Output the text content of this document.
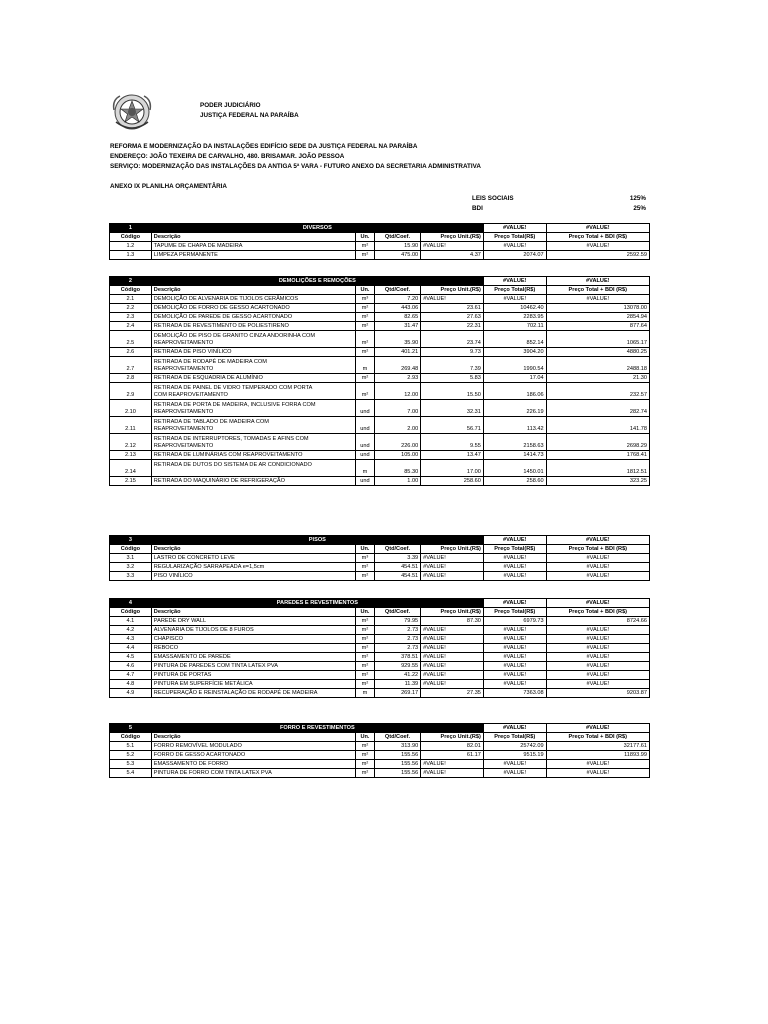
PODER JUDICIÁRIO
JUSTIÇA FEDERAL NA PARAÍBA
REFORMA E MODERNIZAÇÃO DA INSTALAÇÕES EDIFÍCIO SEDE DA JUSTIÇA FEDERAL NA PARAÍBA
ENDEREÇO: JOÃO TEXEIRA DE CARVALHO, 480. BRISAMAR. JOÃO PESSOA
SERVIÇO: MODERNIZAÇÃO DAS INSTALAÇÕES DA ANTIGA 5ª VARA - FUTURO ANEXO DA SECRETARIA ADMINISTRATIVA
ANEXO IX PLANILHA ORÇAMENTÂRIA
LEIS SOCIAIS	125%
BDI	25%
1	DIVERSOS				#VALUE!	#VALUE!
Código	Descrição	Un.	Qtd/Coef.	Preço Unit.(R$)	Preço Total(R$)	Preço Total + BDI (R$)
1.2	TAPUME DE CHAPA DE MADEIRA	m²	15.90	#VALUE!	#VALUE!	#VALUE!
1.3	LIMPEZA PERMANENTE	m²	475.00	4.37	2074.07	2592.59
2	DEMOLIÇÕES E REMOÇÕES				#VALUE!	#VALUE!
Código	Descrição	Un.	Qtd/Coef.	Preço Unit.(R$)	Preço Total(R$)	Preço Total + BDI (R$)
2.1	DEMOLIÇÃO DE ALVENARIA DE TIJOLOS CERÂMICOS	m³	7.20	#VALUE!	#VALUE!	#VALUE!
2.2	DEMOLIÇÃO DE FORRO DE GESSO ACARTONADO	m²	443.06	23.61	10462.40	13078.00
2.3	DEMOLIÇÃO DE PAREDE DE GESSO ACARTONADO	m²	82.65	27.63	2283.95	2854.94
2.4	RETIRADA DE REVESTIMENTO DE POLIESTIRENO	m²	31.47	22.31	702.11	877.64
2.5	DEMOLIÇÃO DE PISO DE GRANITO CINZA ANDORINHA COM
REAPROVEITAMENTO	m²	35.90	23.74	852.14	1065.17
2.6	RETIRADA DE PISO VINÍLICO	m²	401.21	9.73	3904.20	4880.25
2.7	RETIRADA DE RODAPÉ DE MADEIRA COM
REAPROVEITAMENTO	m	269.48	7.39	1990.54	2488.18
2.8	RETIRADA DE ESQUADRIA DE ALUMÍNIO	m²	2.93	5.83	17.04	21.30
2.9	RETIRADA DE PAINEL DE VIDRO TEMPERADO COM PORTA
COM REAPROVEITAMENTO	m²	12.00	15.50	186.06	232.57
2.10	RETIRADA DE PORTA DE MADEIRA, INCLUSIVE FORRA COM
REAPROVEITAMENTO	und	7.00	32.31	226.19	282.74
2.11	RETIRADA DE TABLADO DE MADEIRA COM
REAPROVEITAMENTO	und	2.00	56.71	113.42	141.78
2.12	RETIRADA DE INTERRUPTORES, TOMADAS E AFINS COM
REAPROVEITAMENTO	und	226.00	9.55	2158.63	2698.29
2.13	RETIRADA DE LUMINÁRIAS COM REAPROVEITAMENTO	und	105.00	13.47	1414.73	1768.41
2.14	RETIRADA DE DUTOS DO SISTEMA DE AR CONDICIONADO	m	85.30	17.00	1450.01	1812.51
2.15	RETIRADA DO MAQUINÁRIO DE REFRIGERAÇÃO	und	1.00	258.60	258.60	323.25
3	PISOS				#VALUE!	#VALUE!
Código	Descrição	Un.	Qtd/Coef.	Preço Unit.(R$)	Preço Total(R$)	Preço Total + BDI (R$)
3.1	LASTRO DE CONCRETO LEVE	m³	3.39	#VALUE!	#VALUE!	#VALUE!
3.2	REGULARIZAÇÃO SARRAPEADA e=1,5cm	m²	454.51	#VALUE!	#VALUE!	#VALUE!
3.3	PISO VINÍLICO	m²	454.51	#VALUE!	#VALUE!	#VALUE!
4	PAREDES E REVESTIMENTOS				#VALUE!	#VALUE!
Código	Descrição	Un.	Qtd/Coef.	Preço Unit.(R$)	Preço Total(R$)	Preço Total + BDI (R$)
4.1	PAREDE DRY WALL	m²	79.95	87.30	6979.73	8724.66
4.2	ALVENARIA DE TIJOLOS DE 8 FUROS	m²	2.73	#VALUE!	#VALUE!	#VALUE!
4.3	CHAPISCO	m²	2.73	#VALUE!	#VALUE!	#VALUE!
4.4	REBOCO	m²	2.73	#VALUE!	#VALUE!	#VALUE!
4.5	EMASSAMENTO DE PAREDE	m²	378.51	#VALUE!	#VALUE!	#VALUE!
4.6	PINTURA DE PAREDES COM TINTA LATEX PVA	m²	929.55	#VALUE!	#VALUE!	#VALUE!
4.7	PINTURA DE PORTAS	m²	41.22	#VALUE!	#VALUE!	#VALUE!
4.8	PINTURA EM SUPERFÍCIE METÁLICA	m²	11.39	#VALUE!	#VALUE!	#VALUE!
4.9	RECUPERAÇÃO E REINSTALAÇÃO DE RODAPÉ DE MADEIRA	m	269.17	27.35	7363.08	9203.87
5	FORRO E REVESTIMENTOS				#VALUE!	#VALUE!
Código	Descrição	Un.	Qtd/Coef.	Preço Unit.(R$)	Preço Total(R$)	Preço Total + BDI (R$)
5.1	FORRO REMOVÍVEL MODULADO	m²	313.90	82.01	25742.09	32177.61
5.2	FORRO DE GESSO ACARTONADO	m²	155.56	61.17	9515.19	11893.99
5.3	EMASSAMENTO DE FORRO	m²	155.56	#VALUE!	#VALUE!	#VALUE!
5.4	PINTURA DE FORRO COM TINTA LATEX PVA	m²	155.56	#VALUE!	#VALUE!	#VALUE!
